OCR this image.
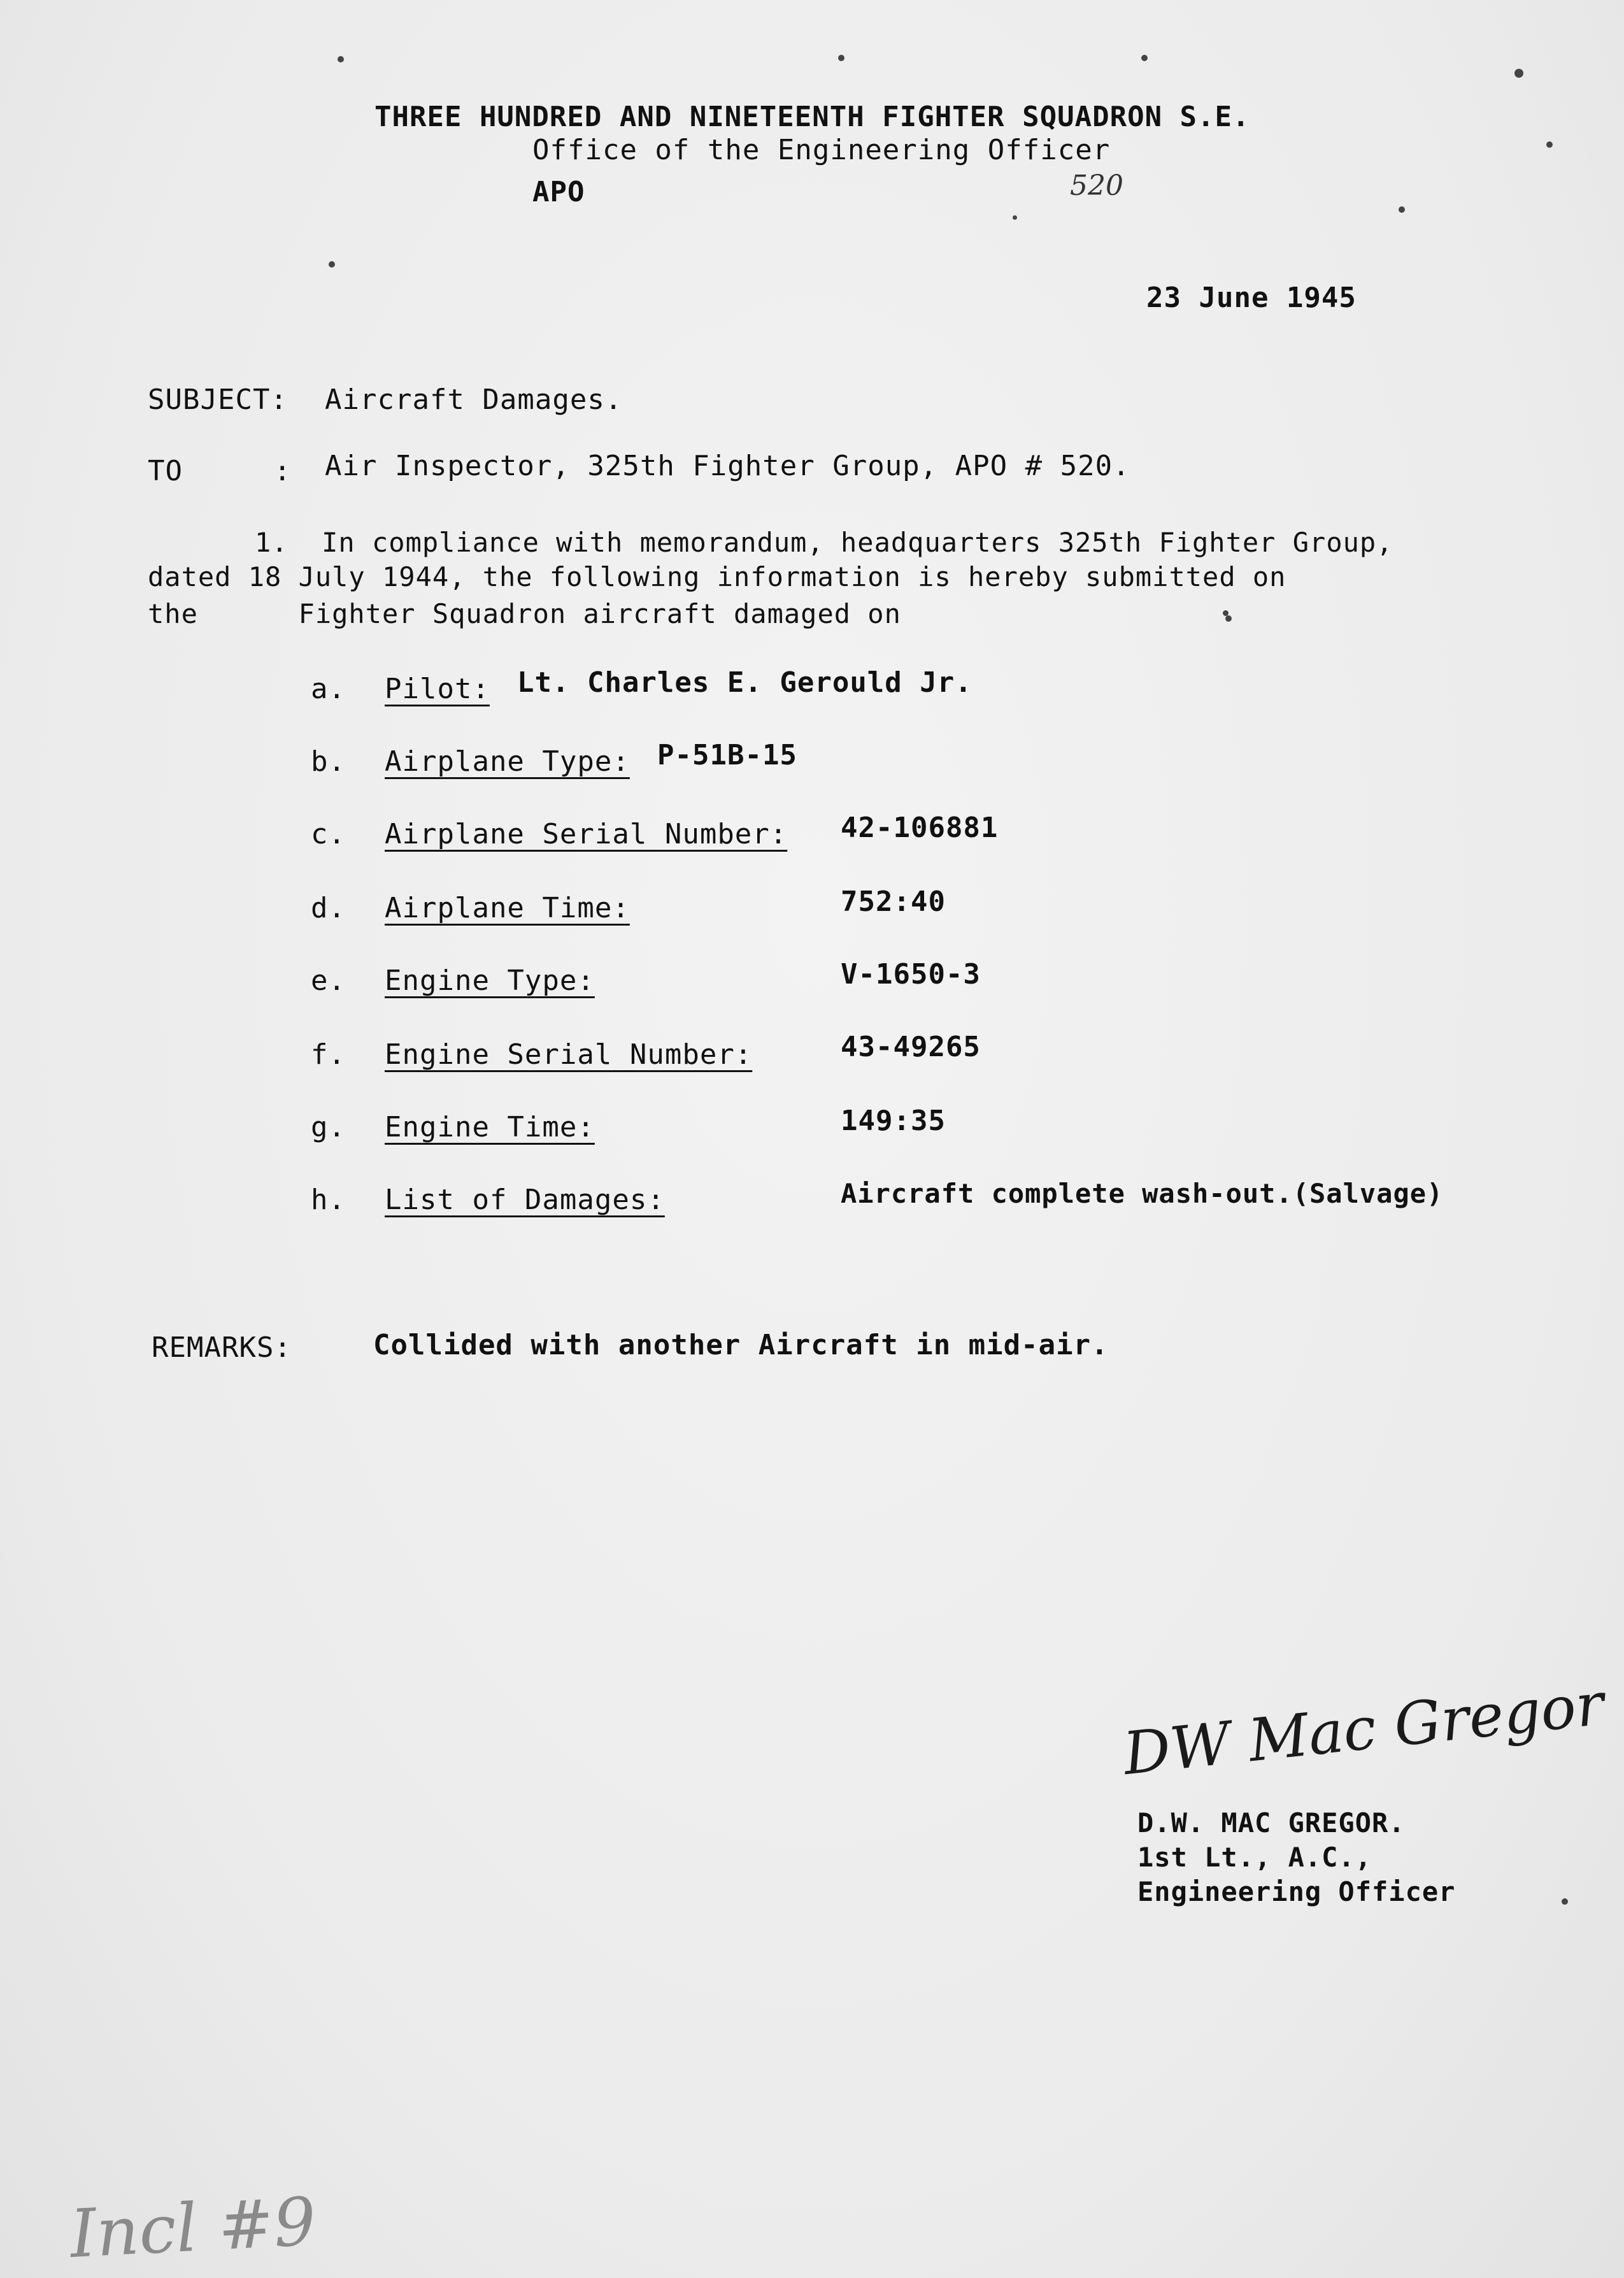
THREE HUNDRED AND NINETEENTH FIGHTER SQUADRON S.E.
Office of the Engineering Officer
APO	520
23 June 1945
SUBJECT: Aircraft Damages.
TO	: Air Inspector, 325th Fighter Group, APO # 520.
1.  In compliance with memorandum, headquarters 325th Fighter Group,
dated 18 July 1944, the following information is hereby submitted on
the      Fighter Squadron aircraft damaged on
a. Pilot: Lt. Charles E. Gerould Jr.
b. Airplane Type: P-51B-15
c. Airplane Serial Number: 42-106881
d. Airplane Time:	752:40
e. Engine Type:	V-1650-3
f. Engine Serial Number:	43-49265
g. Engine Time:	149:35
h. List of Damages:	Aircraft complete wash-out.(Salvage)
REMARKS:	Collided with another Aircraft in mid-air.
DW Mac Gregor
D.W. MAC GREGOR.
1st Lt., A.C.,
Engineering Officer
Incl #9
